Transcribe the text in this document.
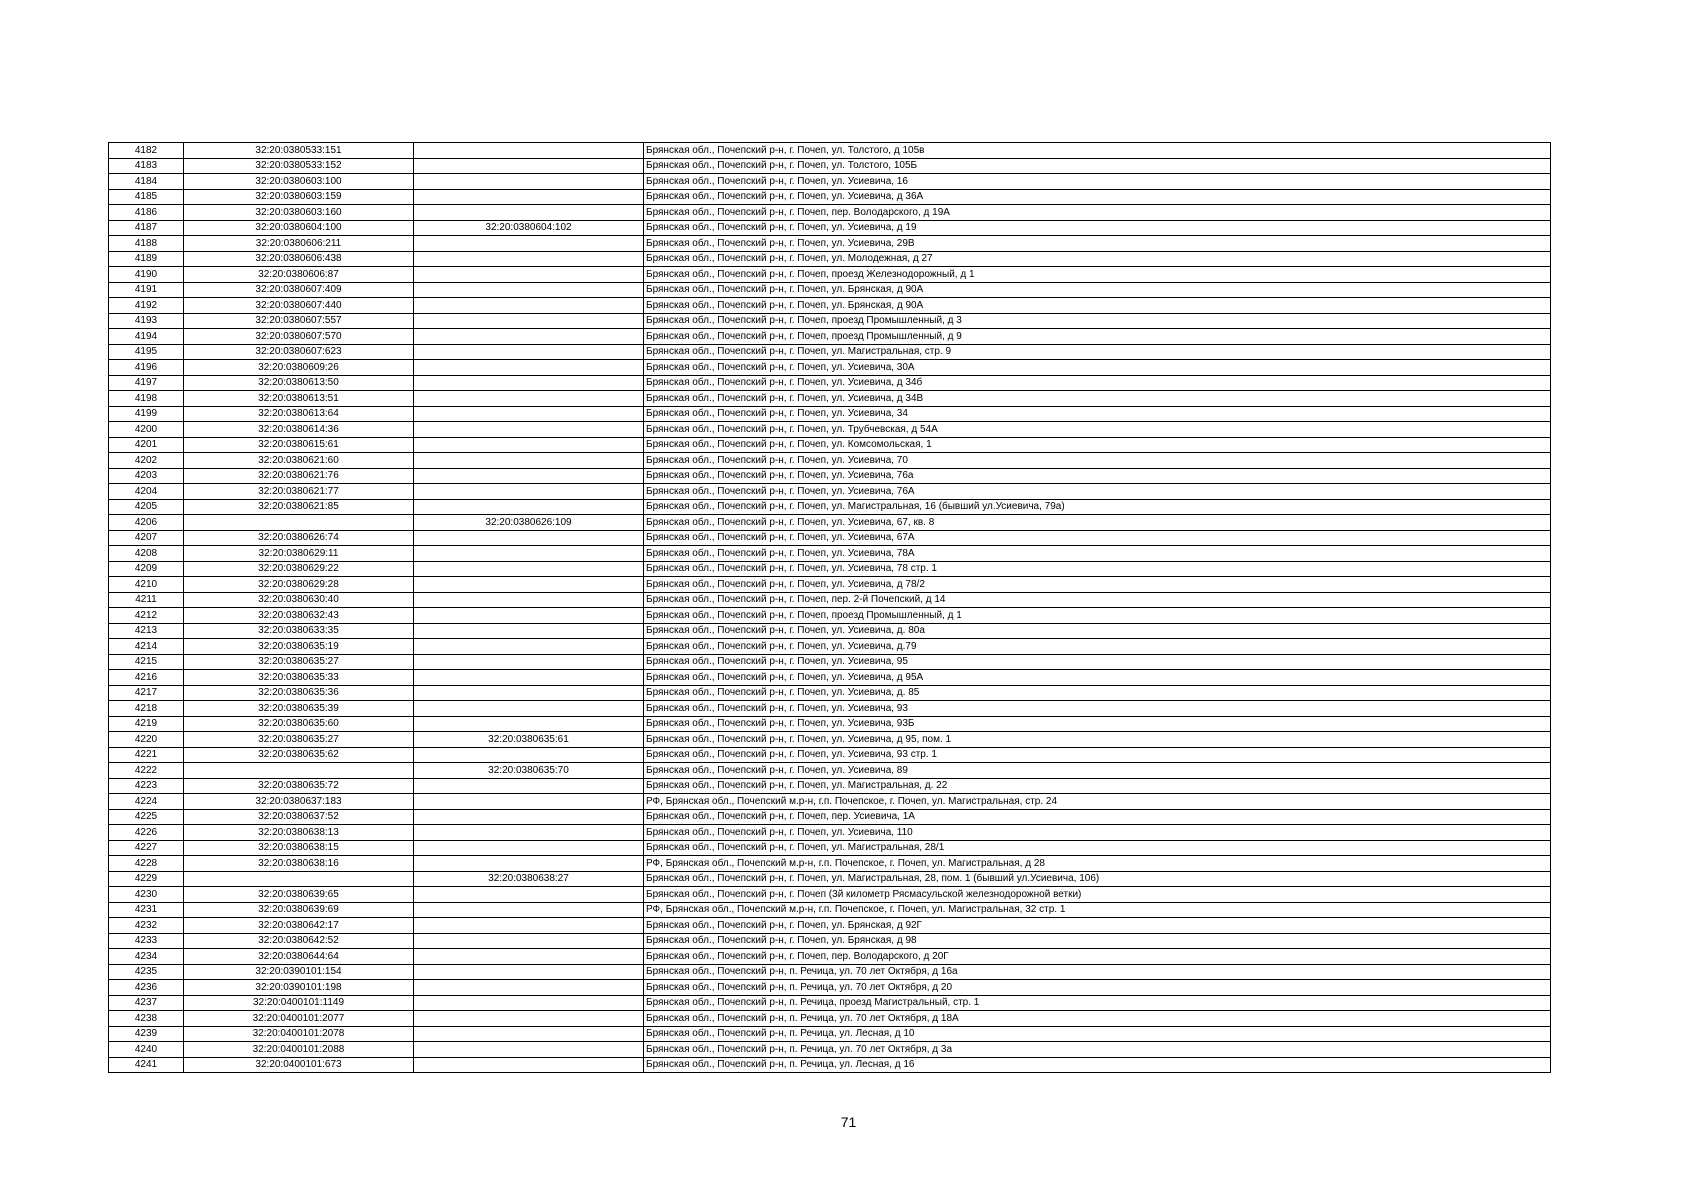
4182	32:20:0380533:151		Брянская обл., Почепский р-н, г. Почеп, ул. Толстого, д 105в
4183	32:20:0380533:152		Брянская обл., Почепский р-н, г. Почеп, ул. Толстого, 105Б
4184	32:20:0380603:100		Брянская обл., Почепский р-н, г. Почеп, ул. Усиевича, 16
4185	32:20:0380603:159		Брянская обл., Почепский р-н, г. Почеп, ул. Усиевича, д 36А
4186	32:20:0380603:160		Брянская обл., Почепский р-н, г. Почеп, пер. Володарского, д 19А
4187	32:20:0380604:100	32:20:0380604:102	Брянская обл., Почепский р-н, г. Почеп, ул. Усиевича, д 19
4188	32:20:0380606:211		Брянская обл., Почепский р-н, г. Почеп, ул. Усиевича, 29В
4189	32:20:0380606:438		Брянская обл., Почепский р-н, г. Почеп, ул. Молодежная, д 27
4190	32:20:0380606:87		Брянская обл., Почепский р-н, г. Почеп, проезд Железнодорожный, д 1
4191	32:20:0380607:409		Брянская обл., Почепский р-н, г. Почеп, ул. Брянская, д 90А
4192	32:20:0380607:440		Брянская обл., Почепский р-н, г. Почеп, ул. Брянская, д 90А
4193	32:20:0380607:557		Брянская обл., Почепский р-н, г. Почеп, проезд Промышленный, д 3
4194	32:20:0380607:570		Брянская обл., Почепский р-н, г. Почеп, проезд Промышленный, д 9
4195	32:20:0380607:623		Брянская обл., Почепский р-н, г. Почеп, ул. Магистральная, стр. 9
4196	32:20:0380609:26		Брянская обл., Почепский р-н, г. Почеп, ул. Усиевича, 30А
4197	32:20:0380613:50		Брянская обл., Почепский р-н, г. Почеп, ул. Усиевича, д 34б
4198	32:20:0380613:51		Брянская обл., Почепский р-н, г. Почеп, ул. Усиевича, д 34В
4199	32:20:0380613:64		Брянская обл., Почепский р-н, г. Почеп, ул. Усиевича, 34
4200	32:20:0380614:36		Брянская обл., Почепский р-н, г. Почеп, ул. Трубчевская, д 54А
4201	32:20:0380615:61		Брянская обл., Почепский р-н, г. Почеп, ул. Комсомольская, 1
4202	32:20:0380621:60		Брянская обл., Почепский р-н, г. Почеп, ул. Усиевича, 70
4203	32:20:0380621:76		Брянская обл., Почепский р-н, г. Почеп, ул. Усиевича, 76а
4204	32:20:0380621:77		Брянская обл., Почепский р-н, г. Почеп, ул. Усиевича, 76А
4205	32:20:0380621:85		Брянская обл., Почепский р-н, г. Почеп, ул. Магистральная, 16 (бывший ул.Усиевича, 79а)
4206		32:20:0380626:109	Брянская обл., Почепский р-н, г. Почеп, ул. Усиевича, 67, кв. 8
4207	32:20:0380626:74		Брянская обл., Почепский р-н, г. Почеп, ул. Усиевича, 67А
4208	32:20:0380629:11		Брянская обл., Почепский р-н, г. Почеп, ул. Усиевича, 78А
4209	32:20:0380629:22		Брянская обл., Почепский р-н, г. Почеп, ул. Усиевича, 78 стр. 1
4210	32:20:0380629:28		Брянская обл., Почепский р-н, г. Почеп, ул. Усиевича, д 78/2
4211	32:20:0380630:40		Брянская обл., Почепский р-н, г. Почеп, пер. 2-й Почепский, д 14
4212	32:20:0380632:43		Брянская обл., Почепский р-н, г. Почеп, проезд Промышленный, д 1
4213	32:20:0380633:35		Брянская обл., Почепский р-н, г. Почеп, ул. Усиевича, д. 80а
4214	32:20:0380635:19		Брянская обл., Почепский р-н, г. Почеп, ул. Усиевича, д.79
4215	32:20:0380635:27		Брянская обл., Почепский р-н, г. Почеп, ул. Усиевича, 95
4216	32:20:0380635:33		Брянская обл., Почепский р-н, г. Почеп, ул. Усиевича, д 95А
4217	32:20:0380635:36		Брянская обл., Почепский р-н, г. Почеп, ул. Усиевича, д. 85
4218	32:20:0380635:39		Брянская обл., Почепский р-н, г. Почеп, ул. Усиевича, 93
4219	32:20:0380635:60		Брянская обл., Почепский р-н, г. Почеп, ул. Усиевича, 93Б
4220	32:20:0380635:27	32:20:0380635:61	Брянская обл., Почепский р-н, г. Почеп, ул. Усиевича, д 95, пом. 1
4221	32:20:0380635:62		Брянская обл., Почепский р-н, г. Почеп, ул. Усиевича, 93 стр. 1
4222		32:20:0380635:70	Брянская обл., Почепский р-н, г. Почеп, ул. Усиевича, 89
4223	32:20:0380635:72		Брянская обл., Почепский р-н, г. Почеп, ул. Магистральная, д. 22
4224	32:20:0380637:183		РФ, Брянская обл., Почепский м.р-н, г.п. Почепское, г. Почеп, ул. Магистральная, стр. 24
4225	32:20:0380637:52		Брянская обл., Почепский р-н, г. Почеп, пер. Усиевича, 1А
4226	32:20:0380638:13		Брянская обл., Почепский р-н, г. Почеп, ул. Усиевича, 110
4227	32:20:0380638:15		Брянская обл., Почепский р-н, г. Почеп, ул. Магистральная, 28/1
4228	32:20:0380638:16		РФ, Брянская обл., Почепский м.р-н, г.п. Почепское, г. Почеп, ул. Магистральная, д 28
4229		32:20:0380638:27	Брянская обл., Почепский р-н, г. Почеп, ул. Магистральная, 28, пом. 1 (бывший ул.Усиевича, 106)
4230	32:20:0380639:65		Брянская обл., Почепский р-н, г. Почеп (3й километр Рясмасульской железнодорожной ветки)
4231	32:20:0380639:69		РФ, Брянская обл., Почепский м.р-н, г.п. Почепское, г. Почеп, ул. Магистральная, 32 стр. 1
4232	32:20:0380642:17		Брянская обл., Почепский р-н, г. Почеп, ул. Брянская, д 92Г
4233	32:20:0380642:52		Брянская обл., Почепский р-н, г. Почеп, ул. Брянская, д 98
4234	32:20:0380644:64		Брянская обл., Почепский р-н, г. Почеп, пер. Володарского, д 20Г
4235	32:20:0390101:154		Брянская обл., Почепский р-н, п. Речица, ул. 70 лет Октября, д 16а
4236	32:20:0390101:198		Брянская обл., Почепский р-н, п. Речица, ул. 70 лет Октября, д 20
4237	32:20:0400101:1149		Брянская обл., Почепский р-н, п. Речица, проезд Магистральный, стр. 1
4238	32:20:0400101:2077		Брянская обл., Почепский р-н, п. Речица, ул. 70 лет Октября, д 18А
4239	32:20:0400101:2078		Брянская обл., Почепский р-н, п. Речица, ул. Лесная, д 10
4240	32:20:0400101:2088		Брянская обл., Почепский р-н, п. Речица, ул. 70 лет Октября, д 3а
4241	32:20:0400101:673		Брянская обл., Почепский р-н, п. Речица, ул. Лесная, д 16
71
